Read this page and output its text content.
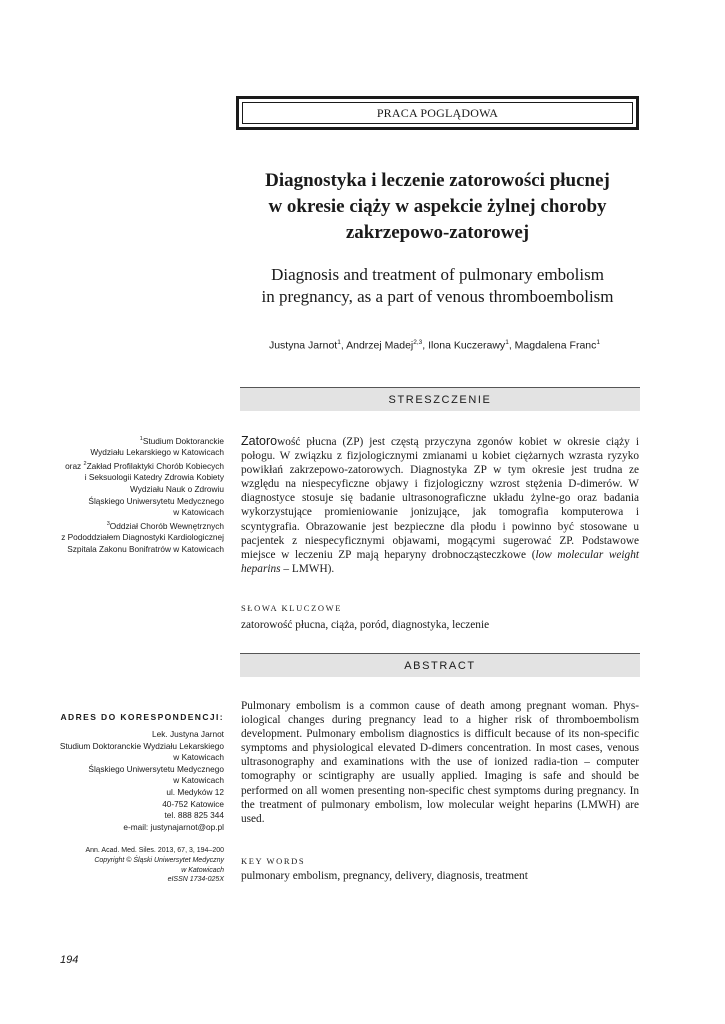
PRACA POGLĄDOWA
Diagnostyka i leczenie zatorowości płucnej
w okresie ciąży w aspekcie żylnej choroby
zakrzepowo-zatorowej
Diagnosis and treatment of pulmonary embolism
in pregnancy, as a part of venous thromboembolism
Justyna Jarnot$^1$, Andrzej Madej$^{2,3}$, Ilona Kuczerawy$^1$, Magdalena Franc$^1$
STRESZCZENIE
$^1$Studium Doktoranckie
Wydziału Lekarskiego w Katowicach
oraz $^2$Zakład Profilaktyki Chorób Kobiecych
i Seksuologii Katedry Zdrowia Kobiety
Wydziału Nauk o Zdrowiu
Śląskiego Uniwersytetu Medycznego
w Katowicach
$^3$Oddział Chorób Wewnętrznych
z Pododdziałem Diagnostyki Kardiologicznej
Szpitala Zakonu Bonifratrów w Katowicach
Zatorowość płucna (ZP) jest częstą przyczyna zgonów kobiet w okresie ciąży i połogu. W związku z fizjologicznymi zmianami u kobiet ciężarnych wzrasta ryzyko powikłań zakrzepowo-zatorowych. Diagnostyka ZP w tym okresie jest trudna ze względu na niespecyficzne objawy i fizjologiczny wzrost stężenia D-dimerów. W diagnostyce stosuje się badanie ultrasonograficzne układu żylne-go oraz badania wykorzystujące promieniowanie jonizujące, jak tomografia komputerowa i scyntygrafia. Obrazowanie jest bezpieczne dla płodu i powinno być stosowane u pacjentek z niespecyficznymi objawami, mogącymi sugerować ZP. Podstawowe miejsce w leczeniu ZP mają heparyny drobnocząsteczkowe (low molecular weight heparins – LMWH).
SŁOWA KLUCZOWE
zatorowość płucna, ciąża, poród, diagnostyka, leczenie
ABSTRACT
ADRES DO KORESPONDENCJI:
Lek. Justyna Jarnot
Studium Doktoranckie Wydziału Lekarskiego
w Katowicach
Śląskiego Uniwersytetu Medycznego
w Katowicach
ul. Medyków 12
40-752 Katowice
tel. 888 825 344
e-mail: justynajarnot@op.pl
Pulmonary embolism is a common cause of death among pregnant woman. Phys-iological changes during pregnancy lead to a higher risk of thromboembolism development. Pulmonary embolism diagnostics is difficult because of its non-specific symptoms and physiological elevated D-dimers concentration. In most cases, venous ultrasonography and examinations with the use of ionized radia-tion – computer tomography or scintigraphy are usually applied. Imaging is safe and should be performed on all women presenting non-specific chest symptoms during pregnancy. In the treatment of pulmonary embolism, low molecular weight heparins (LMWH) are used.
Ann. Acad. Med. Siles. 2013, 67, 3, 194–200
Copyright © Śląski Uniwersytet Medyczny
w Katowicach
eISSN 1734-025X
KEY WORDS
pulmonary embolism, pregnancy, delivery, diagnosis, treatment
194
